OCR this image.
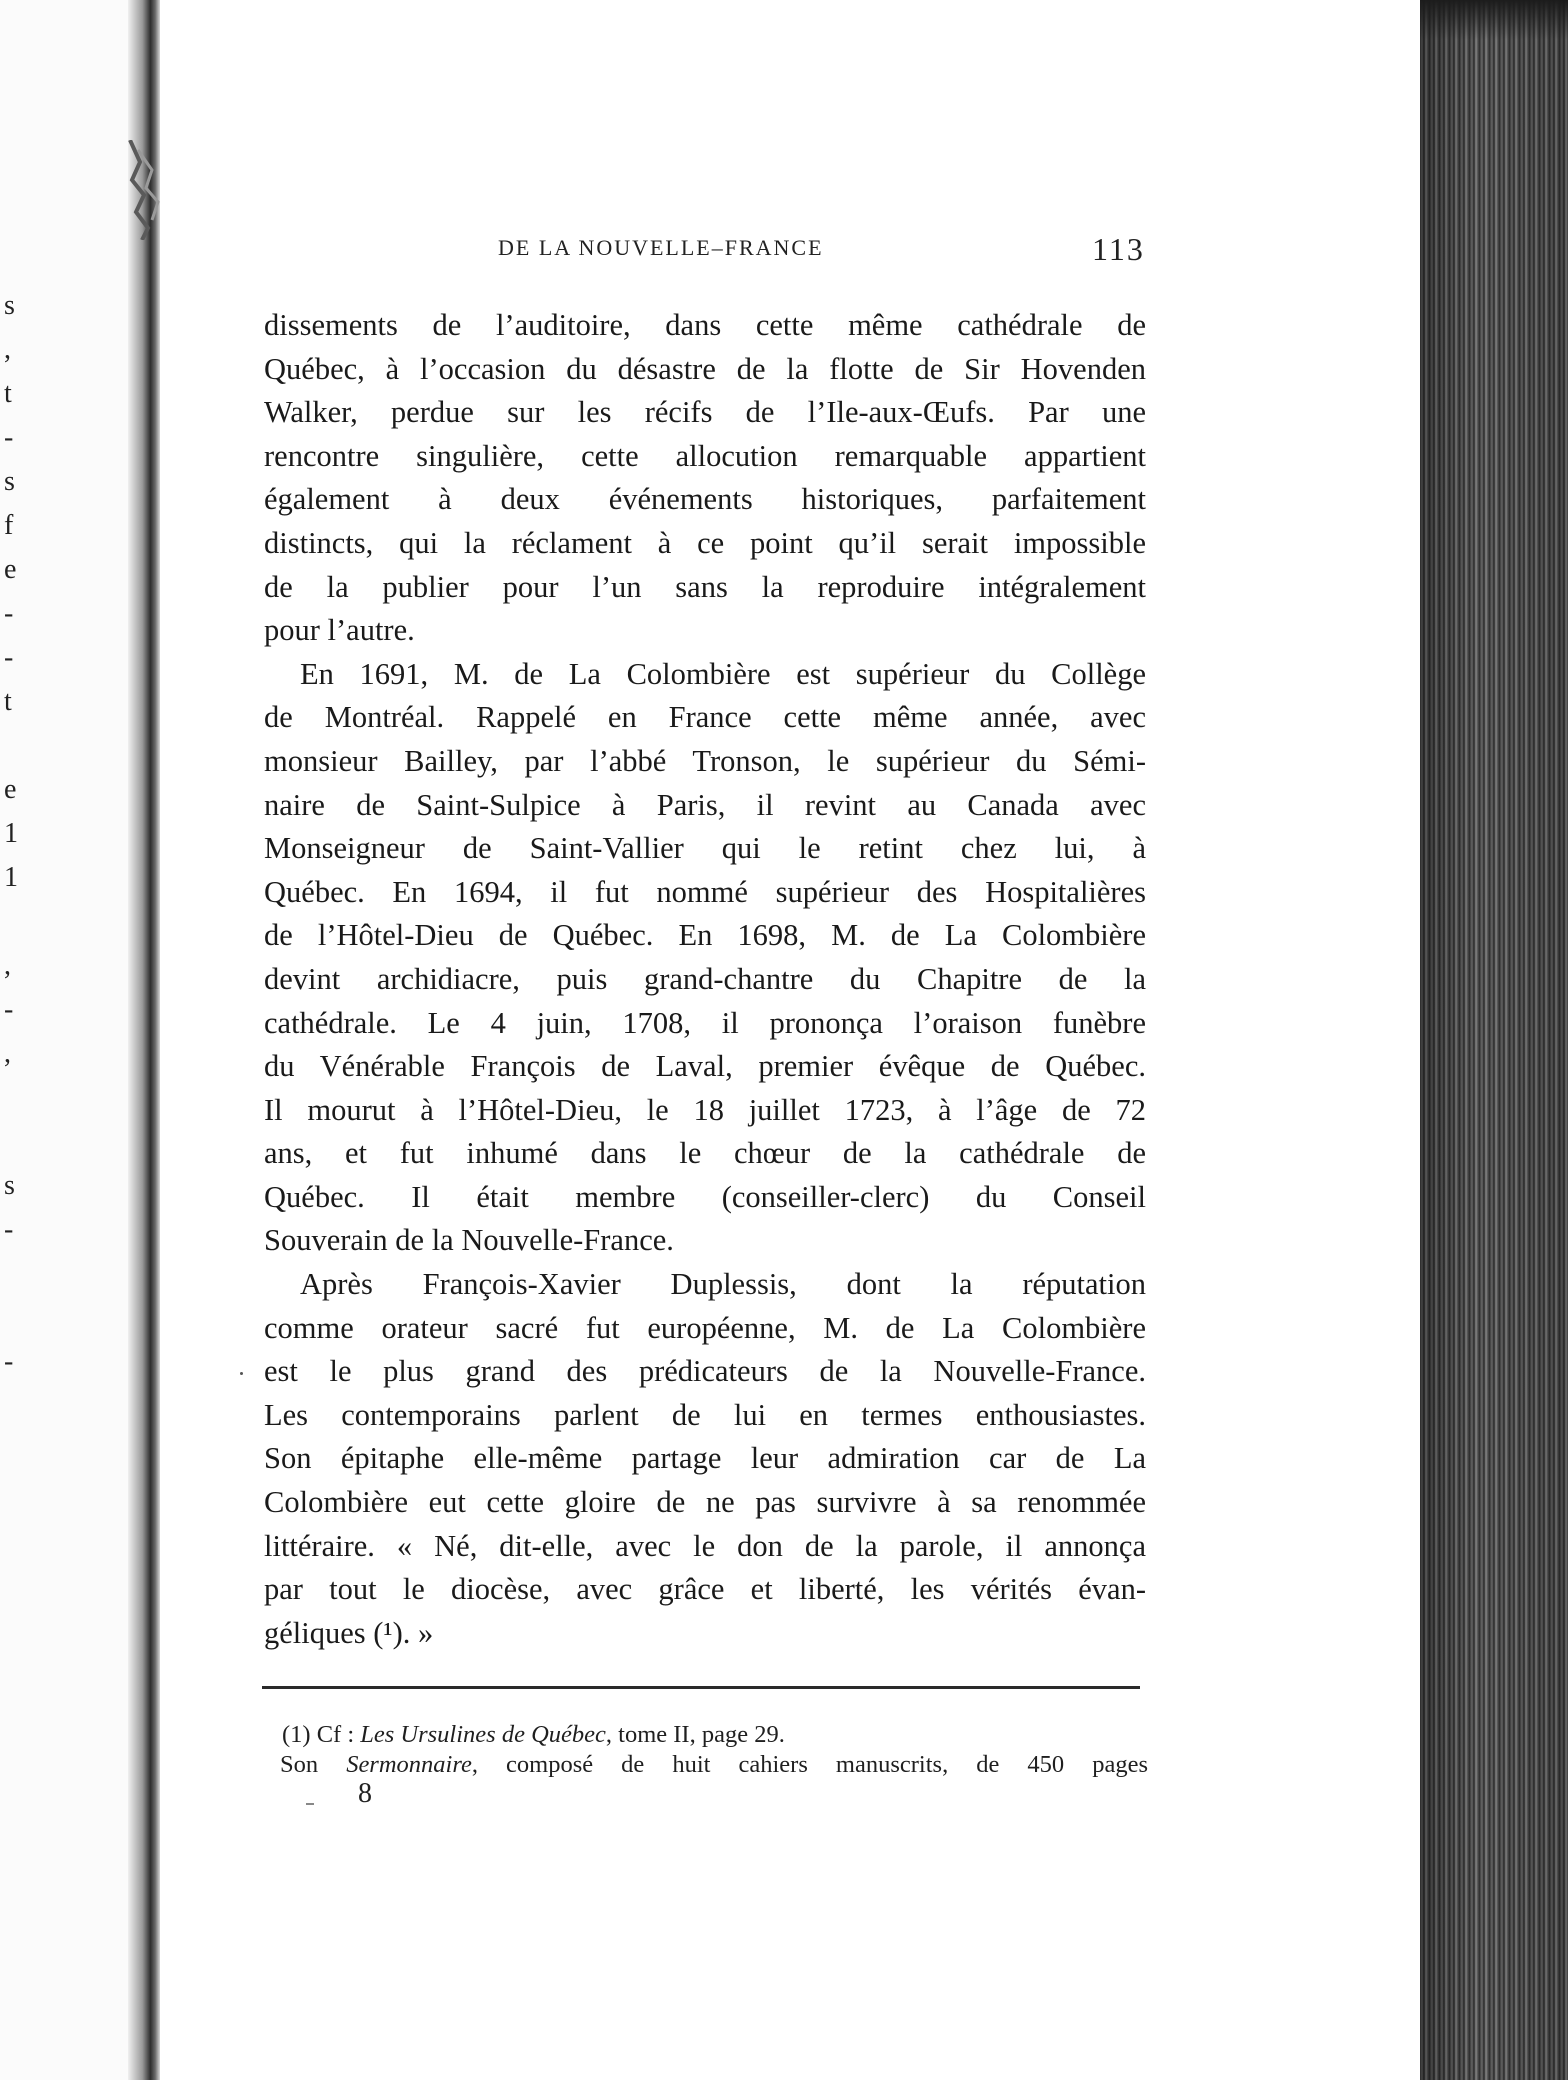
s
,
t
-
s
f
e
-
-
t
e
1
1
,
-
,
s
-
-
DE LA NOUVELLE–FRANCE	113

dissements de l’auditoire, dans cette même cathédrale de
Québec, à l’occasion du désastre de la flotte de Sir Hovenden
Walker, perdue sur les récifs de l’Ile-aux-Œufs. Par une
rencontre singulière, cette allocution remarquable appartient
également à deux événements historiques, parfaitement
distincts, qui la réclament à ce point qu’il serait impossible
de la publier pour l’un sans la reproduire intégralement
pour l’autre.

En 1691, M. de La Colombière est supérieur du Collège
de Montréal. Rappelé en France cette même année, avec
monsieur Bailley, par l’abbé Tronson, le supérieur du Sémi-
naire de Saint-Sulpice à Paris, il revint au Canada avec
Monseigneur de Saint-Vallier qui le retint chez lui, à
Québec. En 1694, il fut nommé supérieur des Hospitalières
de l’Hôtel-Dieu de Québec. En 1698, M. de La Colombière
devint archidiacre, puis grand-chantre du Chapitre de la
cathédrale. Le 4 juin, 1708, il prononça l’oraison funèbre
du Vénérable François de Laval, premier évêque de Québec.
Il mourut à l’Hôtel-Dieu, le 18 juillet 1723, à l’âge de 72
ans, et fut inhumé dans le chœur de la cathédrale de
Québec. Il était membre (conseiller-clerc) du Conseil
Souverain de la Nouvelle-France.

Après François-Xavier Duplessis, dont la réputation
comme orateur sacré fut européenne, M. de La Colombière
est le plus grand des prédicateurs de la Nouvelle-France.
Les contemporains parlent de lui en termes enthousiastes.
Son épitaphe elle-même partage leur admiration car de La
Colombière eut cette gloire de ne pas survivre à sa renommée
littéraire. « Né, dit-elle, avec le don de la parole, il annonça
par tout le diocèse, avec grâce et liberté, les vérités évan-
géliques (¹). »

(1) Cf : Les Ursulines de Québec, tome II, page 29.
Son Sermonnaire, composé de huit cahiers manuscrits, de 450 pages
8
